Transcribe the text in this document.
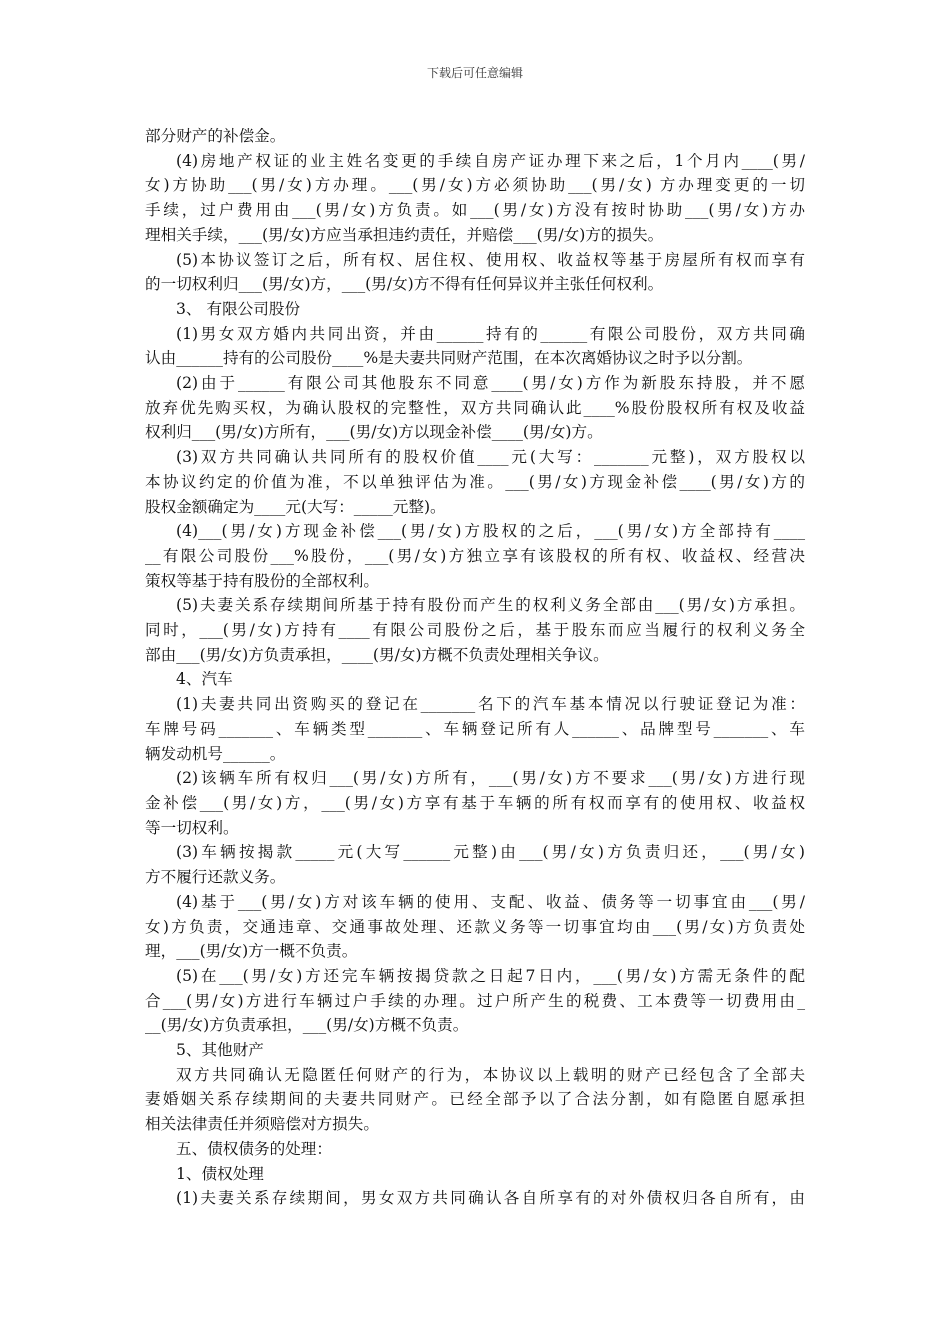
下载后可任意编辑

部分财产的补偿金。

(4)房地产权证的业主姓名变更的手续自房产证办理下来之后，1个月内____(男/

女)方协助___(男/女)方办理。___(男/女)方必须协助___(男/女) 方办理变更的一切

手续，过户费用由___(男/女)方负责。如___(男/女)方没有按时协助___(男/女)方办

理相关手续，___(男/女)方应当承担违约责任，并赔偿___(男/女)方的损失。

(5)本协议签订之后，所有权、居住权、使用权、收益权等基于房屋所有权而享有

的一切权利归___(男/女)方，___(男/女)方不得有任何异议并主张任何权利。

3、 有限公司股份

(1)男女双方婚内共同出资，并由______持有的______有限公司股份，双方共同确

认由______持有的公司股份____%是夫妻共同财产范围，在本次离婚协议之时予以分割。

(2)由于______有限公司其他股东不同意____(男/女)方作为新股东持股，并不愿

放弃优先购买权，为确认股权的完整性，双方共同确认此____%股份股权所有权及收益

权利归___(男/女)方所有，___(男/女)方以现金补偿____(男/女)方。

(3)双方共同确认共同所有的股权价值____元(大写：_______元整)，双方股权以

本协议约定的价值为准，不以单独评估为准。___(男/女)方现金补偿____(男/女)方的

股权金额确定为____元(大写：_____元整)。

(4)___(男/女)方现金补偿___(男/女)方股权的之后，___(男/女)方全部持有____

__有限公司股份___%股份，___(男/女)方独立享有该股权的所有权、收益权、经营决

策权等基于持有股份的全部权利。

(5)夫妻关系存续期间所基于持有股份而产生的权利义务全部由___(男/女)方承担。

同时，___(男/女)方持有____有限公司股份之后，基于股东而应当履行的权利义务全

部由___(男/女)方负责承担，____(男/女)方概不负责处理相关争议。

4、汽车

(1)夫妻共同出资购买的登记在_______名下的汽车基本情况以行驶证登记为准：

车牌号码_______、车辆类型_______、车辆登记所有人______、品牌型号_______、车

辆发动机号______。

(2)该辆车所有权归___(男/女)方所有，___(男/女)方不要求___(男/女)方进行现

金补偿___(男/女)方，___(男/女)方享有基于车辆的所有权而享有的使用权、收益权

等一切权利。

(3)车辆按揭款_____元(大写______元整)由___(男/女)方负责归还，___(男/女)

方不履行还款义务。

(4)基于___(男/女)方对该车辆的使用、支配、收益、债务等一切事宜由___(男/

女)方负责，交通违章、交通事故处理、还款义务等一切事宜均由___(男/女)方负责处

理，___(男/女)方一概不负责。

(5)在___(男/女)方还完车辆按揭贷款之日起7日内，___(男/女)方需无条件的配

合___(男/女)方进行车辆过户手续的办理。过户所产生的税费、工本费等一切费用由_

__(男/女)方负责承担，___(男/女)方概不负责。

5、其他财产

双方共同确认无隐匿任何财产的行为，本协议以上载明的财产已经包含了全部夫

妻婚姻关系存续期间的夫妻共同财产。已经全部予以了合法分割，如有隐匿自愿承担

相关法律责任并须赔偿对方损失。

五、债权债务的处理：

1、债权处理

(1)夫妻关系存续期间，男女双方共同确认各自所享有的对外债权归各自所有，由
